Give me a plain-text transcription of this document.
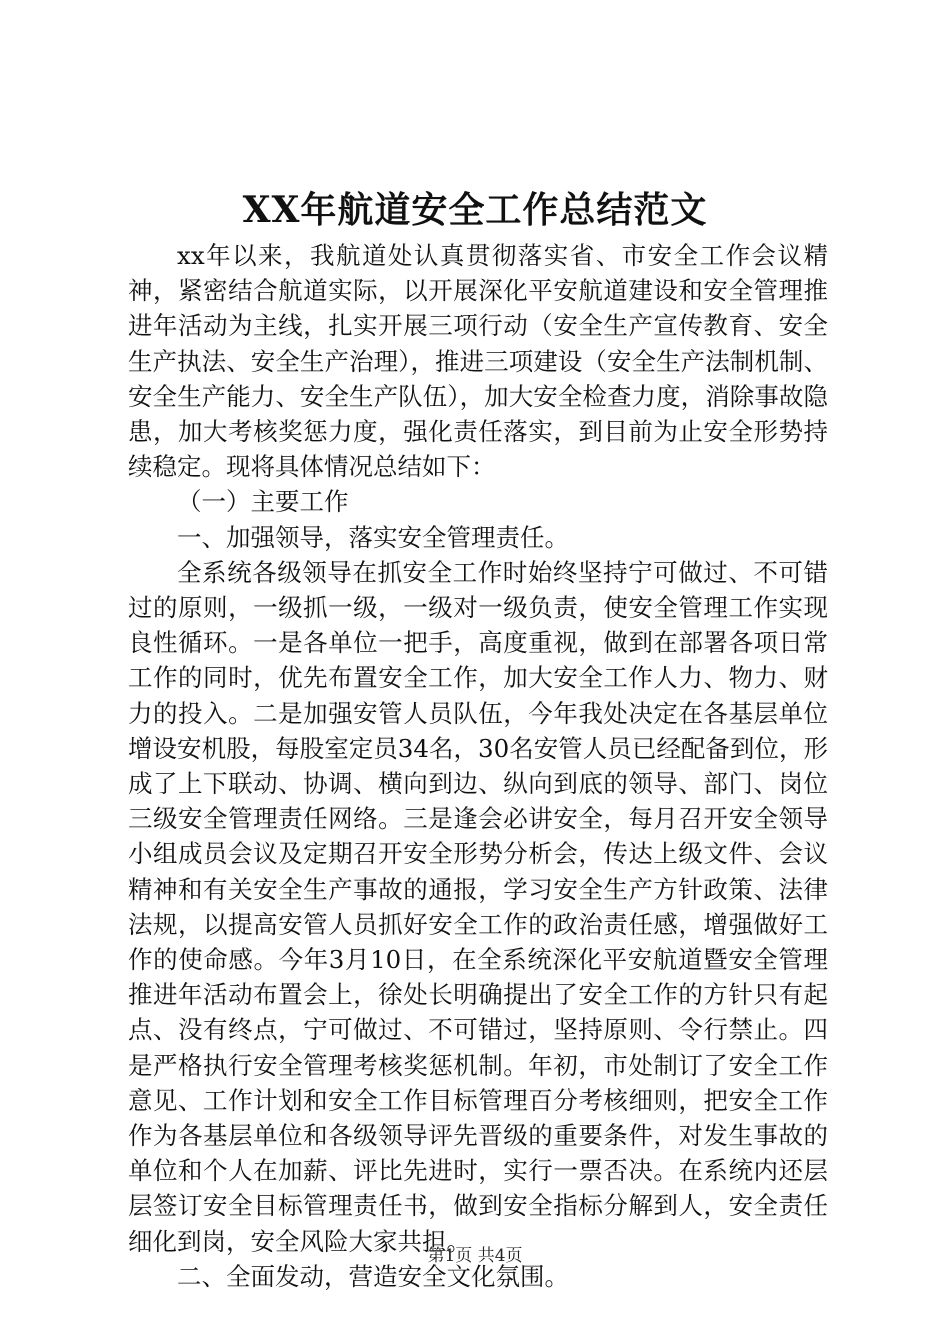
XX年航道安全工作总结范文

xx年以来，我航道处认真贯彻落实省、市安全工作会议精神，紧密结合航道实际，以开展深化平安航道建设和安全管理推进年活动为主线，扎实开展三项行动（安全生产宣传教育、安全生产执法、安全生产治理），推进三项建设（安全生产法制机制、安全生产能力、安全生产队伍），加大安全检查力度，消除事故隐患，加大考核奖惩力度，强化责任落实，到目前为止安全形势持续稳定。现将具体情况总结如下：

（一）主要工作

一、加强领导，落实安全管理责任。

全系统各级领导在抓安全工作时始终坚持宁可做过、不可错过的原则，一级抓一级，一级对一级负责，使安全管理工作实现良性循环。一是各单位一把手，高度重视，做到在部署各项日常工作的同时，优先布置安全工作，加大安全工作人力、物力、财力的投入。二是加强安管人员队伍，今年我处决定在各基层单位增设安机股，每股室定员34名，30名安管人员已经配备到位，形成了上下联动、协调、横向到边、纵向到底的领导、部门、岗位三级安全管理责任网络。三是逢会必讲安全，每月召开安全领导小组成员会议及定期召开安全形势分析会，传达上级文件、会议精神和有关安全生产事故的通报，学习安全生产方针政策、法律法规，以提高安管人员抓好安全工作的政治责任感，增强做好工作的使命感。今年3月10日，在全系统深化平安航道暨安全管理推进年活动布置会上，徐处长明确提出了安全工作的方针只有起点、没有终点，宁可做过、不可错过，坚持原则、令行禁止。四是严格执行安全管理考核奖惩机制。年初，市处制订了安全工作意见、工作计划和安全工作目标管理百分考核细则，把安全工作作为各基层单位和各级领导评先晋级的重要条件，对发生事故的单位和个人在加薪、评比先进时，实行一票否决。在系统内还层层签订安全目标管理责任书，做到安全指标分解到人，安全责任细化到岗，安全风险大家共担。

二、全面发动，营造安全文化氛围。

第1页 共4页
